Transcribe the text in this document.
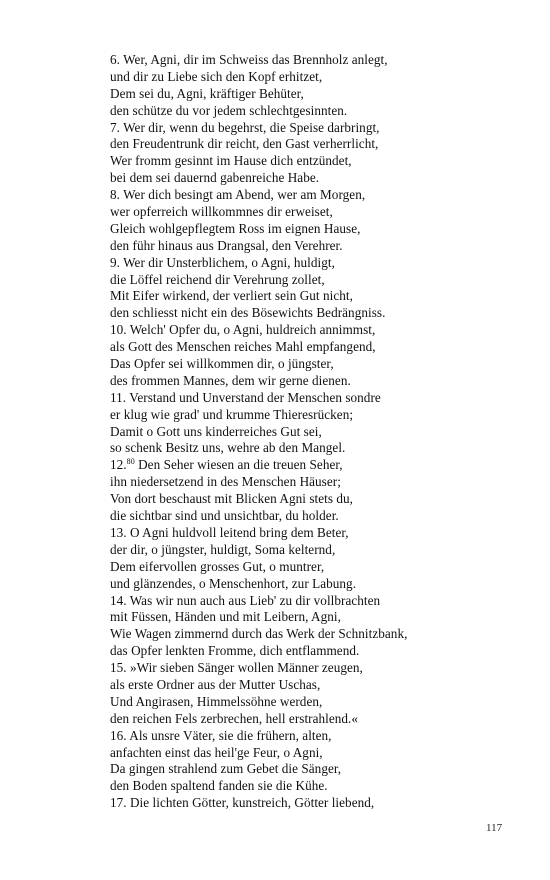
6. Wer, Agni, dir im Schweiss das Brennholz anlegt,
und dir zu Liebe sich den Kopf erhitzet,
Dem sei du, Agni, kräftiger Behüter,
den schütze du vor jedem schlechtgesinnten.
7. Wer dir, wenn du begehrst, die Speise darbringt,
den Freudentrunk dir reicht, den Gast verherrlicht,
Wer fromm gesinnt im Hause dich entzündet,
bei dem sei dauernd gabenreiche Habe.
8. Wer dich besingt am Abend, wer am Morgen,
wer opferreich willkommnes dir erweiset,
Gleich wohlgepflegtem Ross im eignen Hause,
den führ hinaus aus Drangsal, den Verehrer.
9. Wer dir Unsterblichem, o Agni, huldigt,
die Löffel reichend dir Verehrung zollet,
Mit Eifer wirkend, der verliert sein Gut nicht,
den schliesst nicht ein des Bösewichts Bedrängniss.
10. Welch' Opfer du, o Agni, huldreich annimmst,
als Gott des Menschen reiches Mahl empfangend,
Das Opfer sei willkommen dir, o jüngster,
des frommen Mannes, dem wir gerne dienen.
11. Verstand und Unverstand der Menschen sondre
er klug wie grad' und krumme Thieresrücken;
Damit o Gott uns kinderreiches Gut sei,
so schenk Besitz uns, wehre ab den Mangel.
12.80 Den Seher wiesen an die treuen Seher,
ihn niedersetzend in des Menschen Häuser;
Von dort beschaust mit Blicken Agni stets du,
die sichtbar sind und unsichtbar, du holder.
13. O Agni huldvoll leitend bring dem Beter,
der dir, o jüngster, huldigt, Soma kelternd,
Dem eifervollen grosses Gut, o muntrer,
und glänzendes, o Menschenhort, zur Labung.
14. Was wir nun auch aus Lieb' zu dir vollbrachten
mit Füssen, Händen und mit Leibern, Agni,
Wie Wagen zimmernd durch das Werk der Schnitzbank,
das Opfer lenkten Fromme, dich entflammend.
15. »Wir sieben Sänger wollen Männer zeugen,
als erste Ordner aus der Mutter Uschas,
Und Angirasen, Himmelssöhne werden,
den reichen Fels zerbrechen, hell erstrahlend.«
16. Als unsre Väter, sie die frühern, alten,
anfachten einst das heil'ge Feur, o Agni,
Da gingen strahlend zum Gebet die Sänger,
den Boden spaltend fanden sie die Kühe.
17. Die lichten Götter, kunstreich, Götter liebend,
117
